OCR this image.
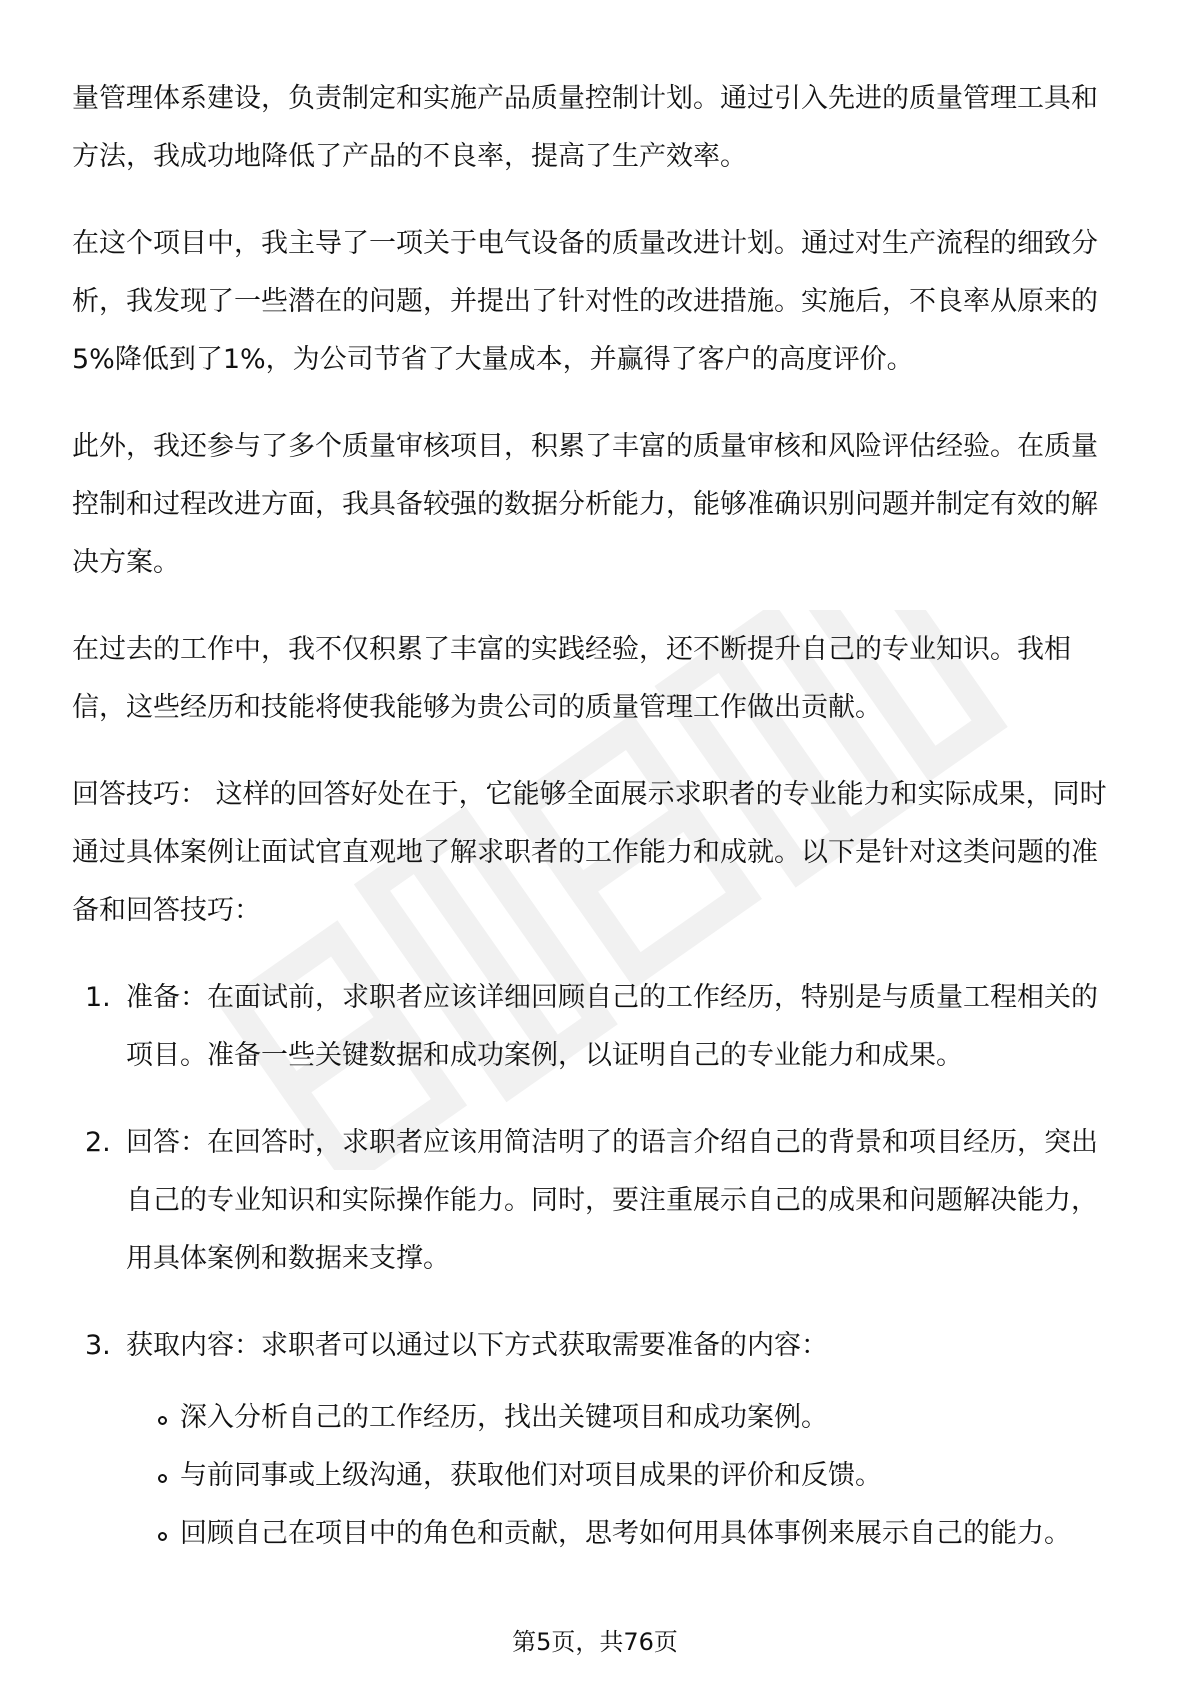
量管理体系建设，负责制定和实施产品质量控制计划。通过引入先进的质量管理工具和方法，我成功地降低了产品的不良率，提高了生产效率。

在这个项目中，我主导了一项关于电气设备的质量改进计划。通过对生产流程的细致分析，我发现了一些潜在的问题，并提出了针对性的改进措施。实施后，不良率从原来的5%降低到了1%，为公司节省了大量成本，并赢得了客户的高度评价。

此外，我还参与了多个质量审核项目，积累了丰富的质量审核和风险评估经验。在质量控制和过程改进方面，我具备较强的数据分析能力，能够准确识别问题并制定有效的解决方案。

在过去的工作中，我不仅积累了丰富的实践经验，还不断提升自己的专业知识。我相信，这些经历和技能将使我能够为贵公司的质量管理工作做出贡献。

回答技巧： 这样的回答好处在于，它能够全面展示求职者的专业能力和实际成果，同时通过具体案例让面试官直观地了解求职者的工作能力和成就。以下是针对这类问题的准备和回答技巧：

1. 准备：在面试前，求职者应该详细回顾自己的工作经历，特别是与质量工程相关的项目。准备一些关键数据和成功案例，以证明自己的专业能力和成果。
2. 回答：在回答时，求职者应该用简洁明了的语言介绍自己的背景和项目经历，突出自己的专业知识和实际操作能力。同时，要注重展示自己的成果和问题解决能力，用具体案例和数据来支撑。
3. 获取内容：求职者可以通过以下方式获取需要准备的内容：
深入分析自己的工作经历，找出关键项目和成功案例。
与前同事或上级沟通，获取他们对项目成果的评价和反馈。
回顾自己在项目中的角色和贡献，思考如何用具体事例来展示自己的能力。
第5页，共76页
